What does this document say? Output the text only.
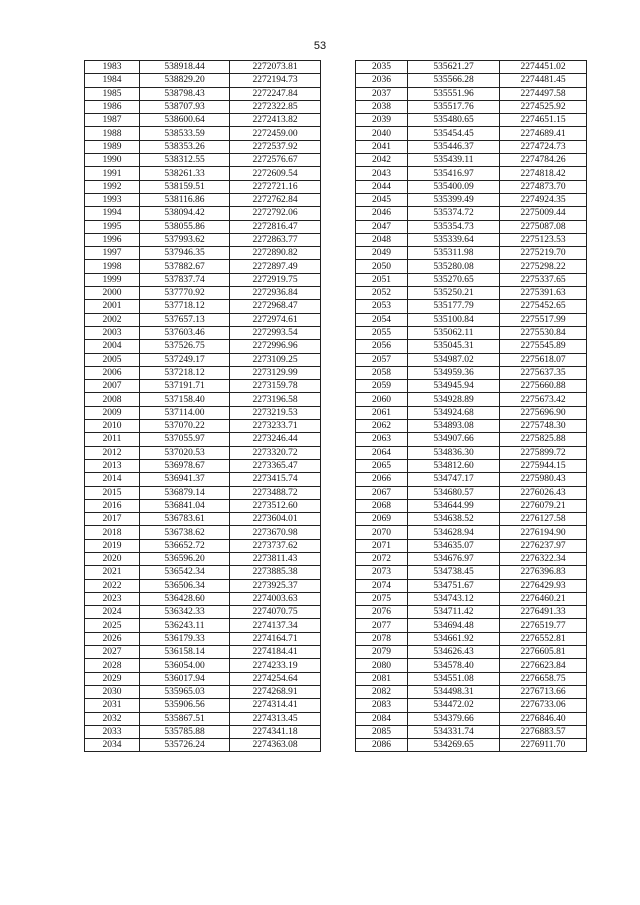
53
1983	538918.44	2272073.81
1984	538829.20	2272194.73
1985	538798.43	2272247.84
1986	538707.93	2272322.85
1987	538600.64	2272413.82
1988	538533.59	2272459.00
1989	538353.26	2272537.92
1990	538312.55	2272576.67
1991	538261.33	2272609.54
1992	538159.51	2272721.16
1993	538116.86	2272762.84
1994	538094.42	2272792.06
1995	538055.86	2272816.47
1996	537993.62	2272863.77
1997	537946.35	2272890.82
1998	537882.67	2272897.49
1999	537837.74	2272919.75
2000	537770.92	2272936.84
2001	537718.12	2272968.47
2002	537657.13	2272974.61
2003	537603.46	2272993.54
2004	537526.75	2272996.96
2005	537249.17	2273109.25
2006	537218.12	2273129.99
2007	537191.71	2273159.78
2008	537158.40	2273196.58
2009	537114.00	2273219.53
2010	537070.22	2273233.71
2011	537055.97	2273246.44
2012	537020.53	2273320.72
2013	536978.67	2273365.47
2014	536941.37	2273415.74
2015	536879.14	2273488.72
2016	536841.04	2273512.60
2017	536783.61	2273604.01
2018	536738.62	2273670.98
2019	536652.72	2273737.62
2020	536596.20	2273811.43
2021	536542.34	2273885.38
2022	536506.34	2273925.37
2023	536428.60	2274003.63
2024	536342.33	2274070.75
2025	536243.11	2274137.34
2026	536179.33	2274164.71
2027	536158.14	2274184.41
2028	536054.00	2274233.19
2029	536017.94	2274254.64
2030	535965.03	2274268.91
2031	535906.56	2274314.41
2032	535867.51	2274313.45
2033	535785.88	2274341.18
2034	535726.24	2274363.08
2035	535621.27	2274451.02
2036	535566.28	2274481.45
2037	535551.96	2274497.58
2038	535517.76	2274525.92
2039	535480.65	2274651.15
2040	535454.45	2274689.41
2041	535446.37	2274724.73
2042	535439.11	2274784.26
2043	535416.97	2274818.42
2044	535400.09	2274873.70
2045	535399.49	2274924.35
2046	535374.72	2275009.44
2047	535354.73	2275087.08
2048	535339.64	2275123.53
2049	535311.98	2275219.70
2050	535280.08	2275298.22
2051	535270.65	2275337.65
2052	535250.21	2275391.63
2053	535177.79	2275452.65
2054	535100.84	2275517.99
2055	535062.11	2275530.84
2056	535045.31	2275545.89
2057	534987.02	2275618.07
2058	534959.36	2275637.35
2059	534945.94	2275660.88
2060	534928.89	2275673.42
2061	534924.68	2275696.90
2062	534893.08	2275748.30
2063	534907.66	2275825.88
2064	534836.30	2275899.72
2065	534812.60	2275944.15
2066	534747.17	2275980.43
2067	534680.57	2276026.43
2068	534644.99	2276079.21
2069	534638.52	2276127.58
2070	534628.94	2276194.90
2071	534635.07	2276237.97
2072	534676.97	2276322.34
2073	534738.45	2276396.83
2074	534751.67	2276429.93
2075	534743.12	2276460.21
2076	534711.42	2276491.33
2077	534694.48	2276519.77
2078	534661.92	2276552.81
2079	534626.43	2276605.81
2080	534578.40	2276623.84
2081	534551.08	2276658.75
2082	534498.31	2276713.66
2083	534472.02	2276733.06
2084	534379.66	2276846.40
2085	534331.74	2276883.57
2086	534269.65	2276911.70
